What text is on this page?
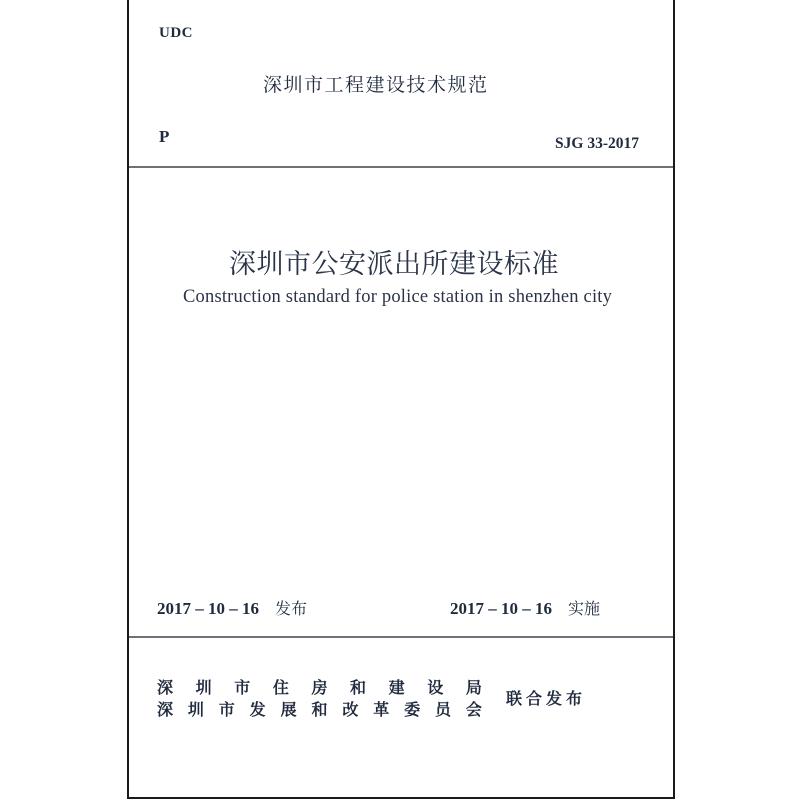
UDC
深圳市工程建设技术规范
P	SJG 33-2017
深圳市公安派出所建设标准
Construction standard for police station in shenzhen city
2017 – 10 – 16 发布	2017 – 10 – 16 实施
深 圳 市 住 房 和 建 设 局
深 圳 市 发 展 和 改 革 委 员 会
联合发布
